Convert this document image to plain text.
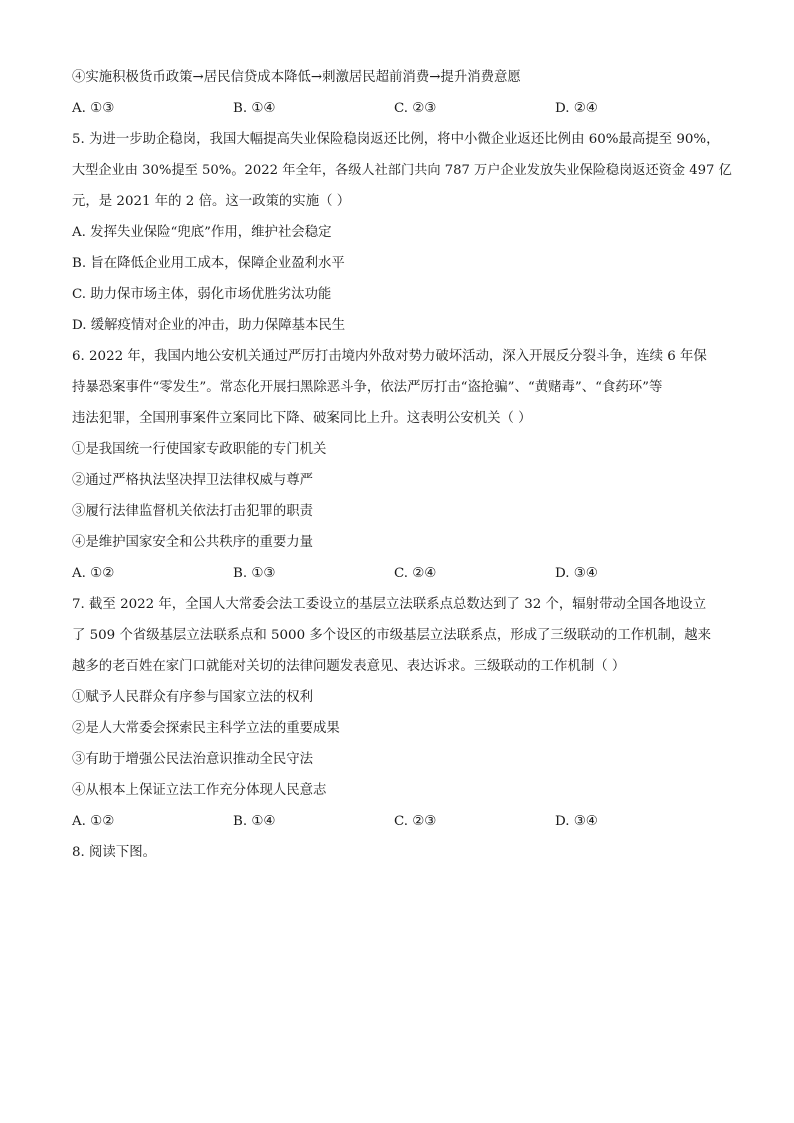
④实施积极货币政策→居民信贷成本降低→刺激居民超前消费→提升消费意愿
A. ①③	B. ①④	C. ②③	D. ②④
5. 为进一步助企稳岗，我国大幅提高失业保险稳岗返还比例，将中小微企业返还比例由 60%最高提至 90%，
大型企业由 30%提至 50%。2022 年全年，各级人社部门共向 787 万户企业发放失业保险稳岗返还资金 497 亿
元，是 2021 年的 2 倍。这一政策的实施（ ）
A. 发挥失业保险“兜底”作用，维护社会稳定
B. 旨在降低企业用工成本，保障企业盈利水平
C. 助力保市场主体，弱化市场优胜劣汰功能
D. 缓解疫情对企业的冲击，助力保障基本民生
6. 2022 年，我国内地公安机关通过严厉打击境内外敌对势力破坏活动，深入开展反分裂斗争，连续 6 年保
持暴恐案事件“零发生”。常态化开展扫黑除恶斗争，依法严厉打击“盗抢骗”、“黄赌毒”、“食药环”等
违法犯罪，全国刑事案件立案同比下降、破案同比上升。这表明公安机关（ ）
①是我国统一行使国家专政职能的专门机关
②通过严格执法坚决捍卫法律权威与尊严
③履行法律监督机关依法打击犯罪的职责
④是维护国家安全和公共秩序的重要力量
A. ①②	B. ①③	C. ②④	D. ③④
7. 截至 2022 年，全国人大常委会法工委设立的基层立法联系点总数达到了 32 个，辐射带动全国各地设立
了 509 个省级基层立法联系点和 5000 多个设区的市级基层立法联系点，形成了三级联动的工作机制，越来
越多的老百姓在家门口就能对关切的法律问题发表意见、表达诉求。三级联动的工作机制（ ）
①赋予人民群众有序参与国家立法的权利
②是人大常委会探索民主科学立法的重要成果
③有助于增强公民法治意识推动全民守法
④从根本上保证立法工作充分体现人民意志
A. ①②	B. ①④	C. ②③	D. ③④
8. 阅读下图。
